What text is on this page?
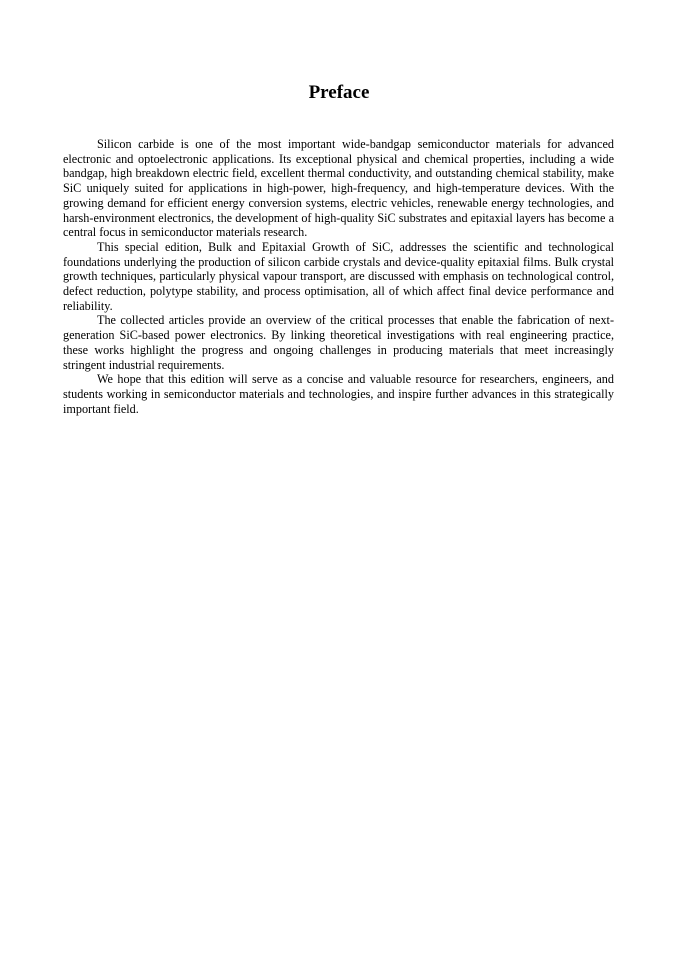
Preface

Silicon carbide is one of the most important wide-bandgap semiconductor materials for advanced electronic and optoelectronic applications. Its exceptional physical and chemical properties, including a wide bandgap, high breakdown electric field, excellent thermal conductivity, and outstanding chemical stability, make SiC uniquely suited for applications in high-power, high-frequency, and high-temperature devices. With the growing demand for efficient energy conversion systems, electric vehicles, renewable energy technologies, and harsh-environment electronics, the development of high-quality SiC substrates and epitaxial layers has become a central focus in semiconductor materials research.

This special edition, Bulk and Epitaxial Growth of SiC, addresses the scientific and technological foundations underlying the production of silicon carbide crystals and device-quality epitaxial films. Bulk crystal growth techniques, particularly physical vapour transport, are discussed with emphasis on technological control, defect reduction, polytype stability, and process optimisation, all of which affect final device performance and reliability.

The collected articles provide an overview of the critical processes that enable the fabrication of next-generation SiC-based power electronics. By linking theoretical investigations with real engineering practice, these works highlight the progress and ongoing challenges in producing materials that meet increasingly stringent industrial requirements.

We hope that this edition will serve as a concise and valuable resource for researchers, engineers, and students working in semiconductor materials and technologies, and inspire further advances in this strategically important field.
